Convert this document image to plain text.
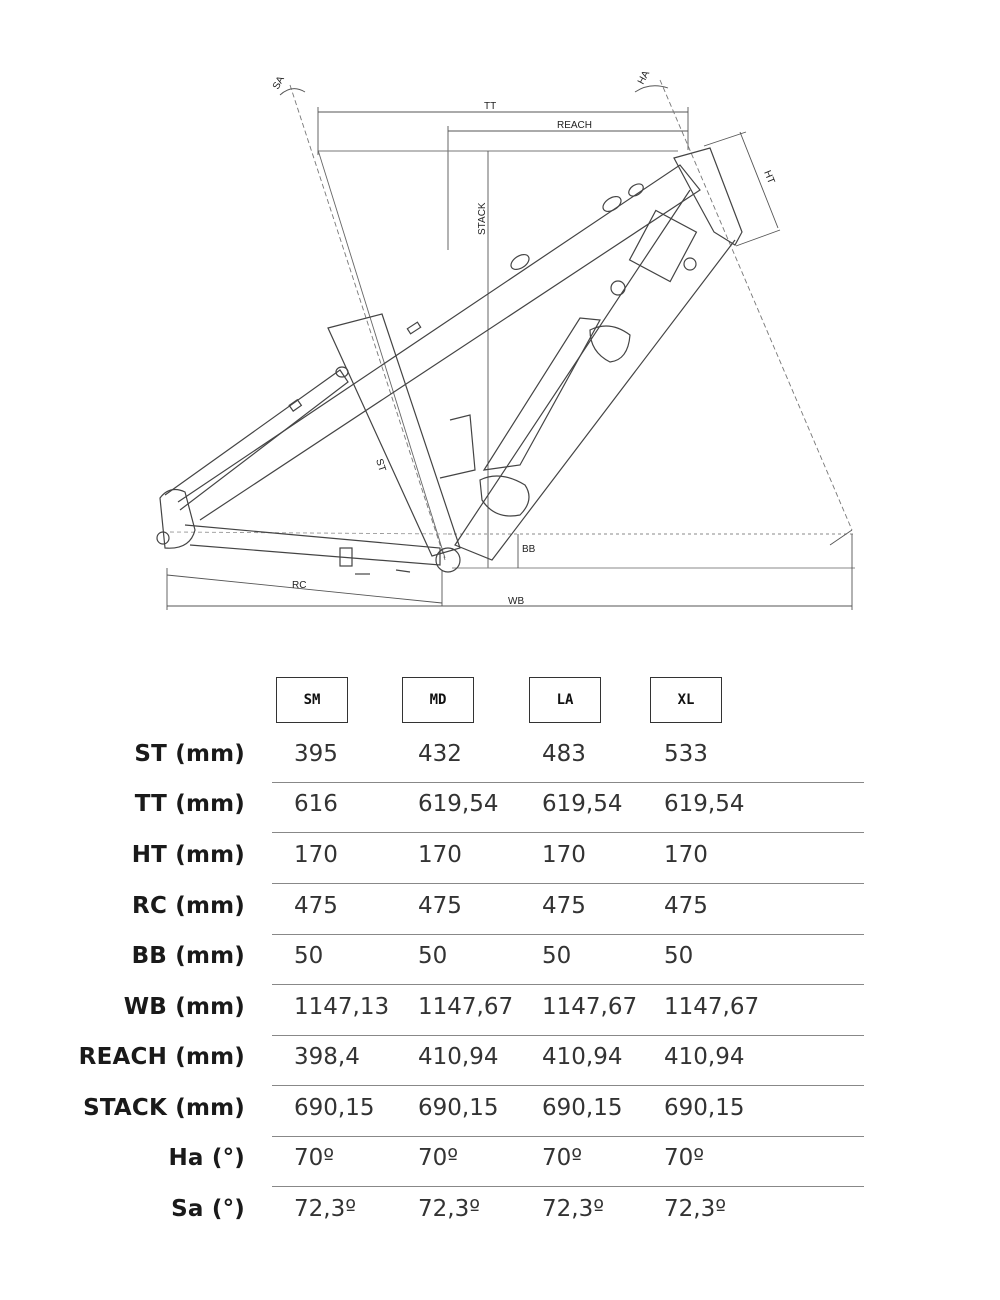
TT
REACH
STACK
HT
ST
BB
RC
WB
SA	HA
SM	MD	LA	XL
ST (mm) 395	432	483	533
TT (mm) 616	619,54 619,54 619,54
HT (mm) 170	170	170	170
RC (mm) 475	475	475	475
BB (mm) 50	50	50	50
WB (mm) 1147,13 1147,67 1147,67 1147,67
REACH (mm) 398,4	410,94 410,94 410,94
STACK (mm) 690,15 690,15 690,15 690,15
Ha (°) 70º	70º	70º	70º
Sa (°) 72,3º	72,3º	72,3º	72,3º
